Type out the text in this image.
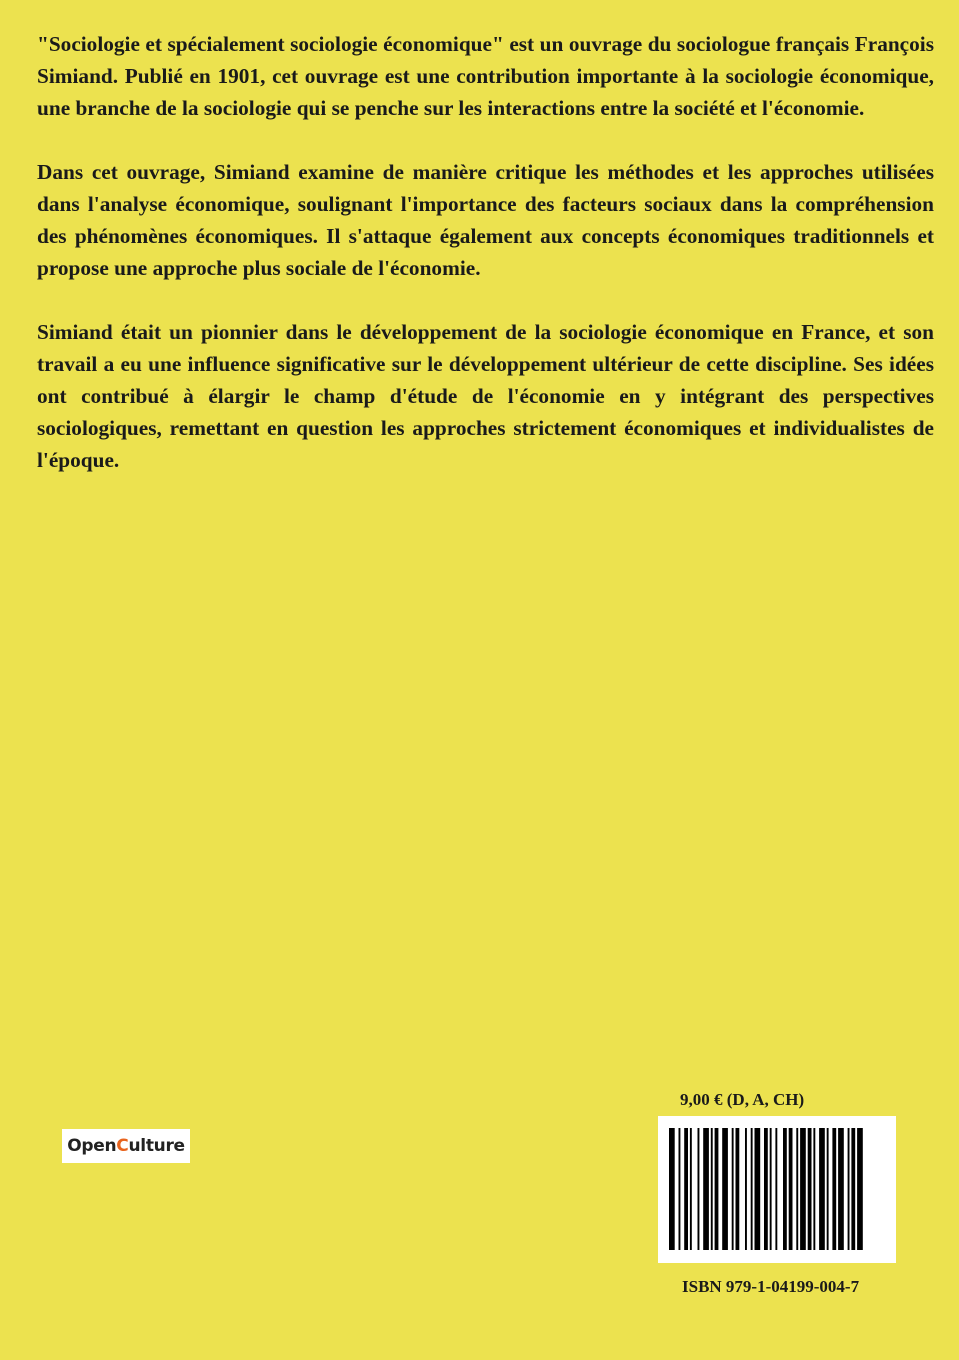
"Sociologie et spécialement sociologie économique" est un ouvrage du sociologue français François Simiand. Publié en 1901, cet ouvrage est une contribution importante à la sociologie économique, une branche de la sociologie qui se penche sur les interactions entre la société et l'économie.

Dans cet ouvrage, Simiand examine de manière critique les méthodes et les approches utilisées dans l'analyse économique, soulignant l'importance des facteurs sociaux dans la compréhension des phénomènes économiques. Il s'attaque également aux concepts économiques traditionnels et propose une approche plus sociale de l'économie.

Simiand était un pionnier dans le développement de la sociologie économique en France, et son travail a eu une influence significative sur le développement ultérieur de cette discipline. Ses idées ont contribué à élargir le champ d'étude de l'économie en y intégrant des perspectives sociologiques, remettant en question les approches strictement économiques et individualistes de l'époque.

Open C ulture
9,00 € (D, A, CH)
ISBN 979-1-04199-004-7
